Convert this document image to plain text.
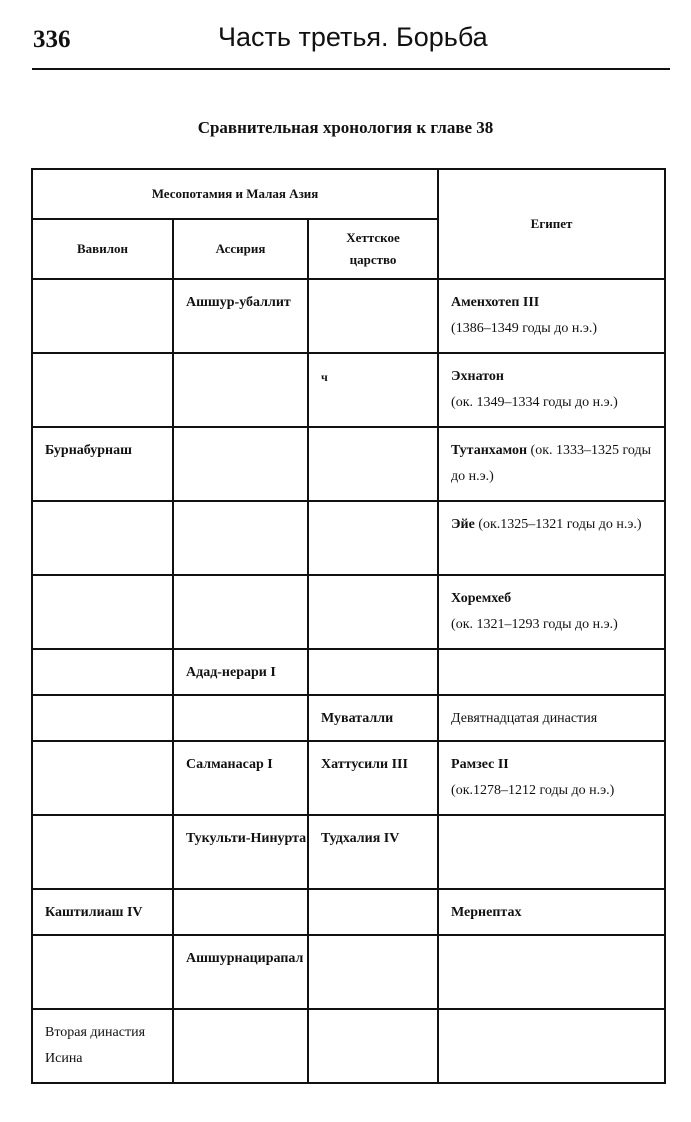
336	Часть третья. Борьба
Сравнительная хронология к главе 38
Месопотамия и Малая Азия			Египет
Вавилон	Ассирия	Хеттское царство	
	Ашшур-убаллит		Аменхотеп III
(1386–1349 годы до н.э.)
		ч	Эхнатон
(ок. 1349–1334 годы до н.э.)
Бурнабурнаш			Тутанхамон (ок. 1333–1325 годы до н.э.)
			Эйе (ок.1325–1321 годы до н.э.)
			Хоремхеб
(ок. 1321–1293 годы до н.э.)
	Адад-нерари I		
		Муваталли	Девятнадцатая династия
	Салманасар I	Хаттусили III	Рамзес II
(ок.1278–1212 годы до н.э.)
	Тукульти-Нинурта	Тудхалия IV	
Каштилиаш IV			Мернептах
	Ашшурнацирапал		
Вторая династия Исина			
